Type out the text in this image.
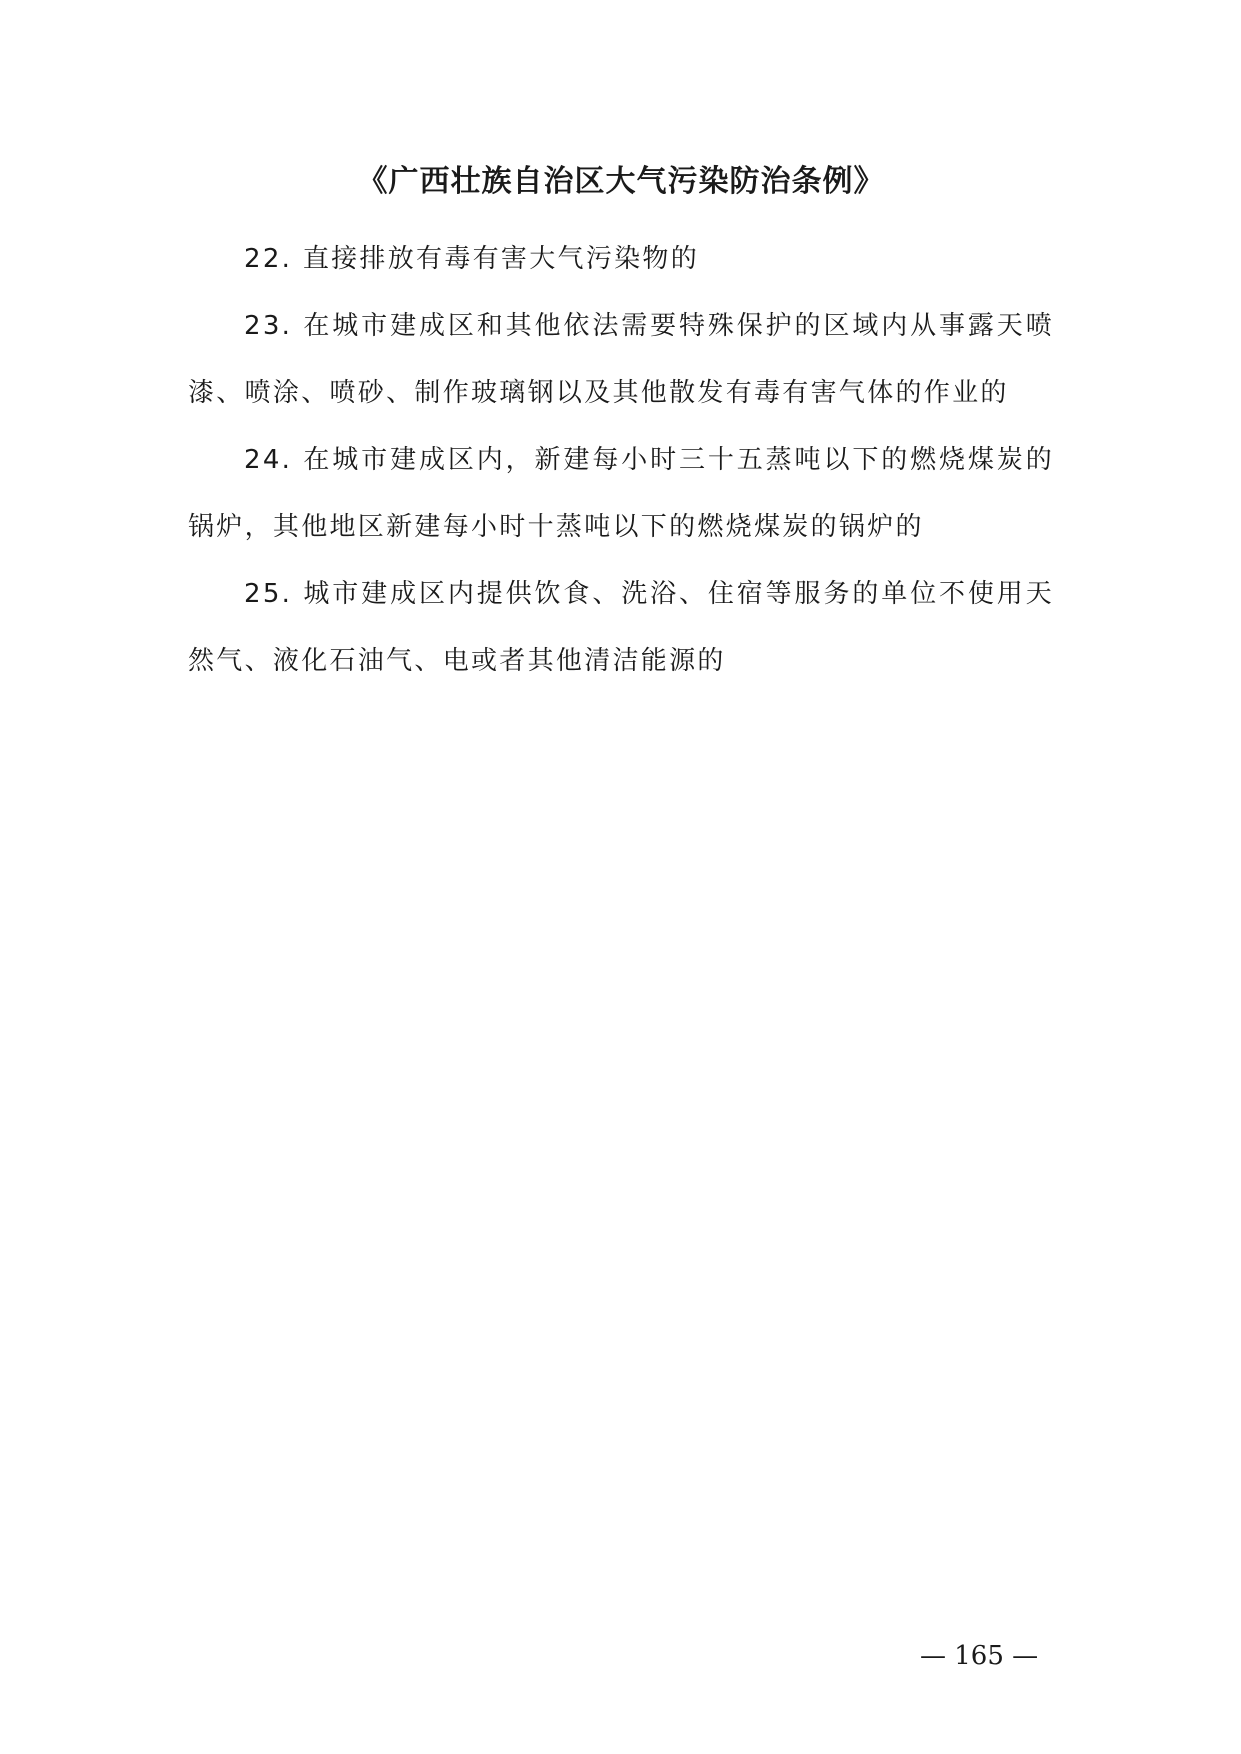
《广西壮族自治区大气污染防治条例》

22. 直接排放有毒有害大气污染物的

23. 在城市建成区和其他依法需要特殊保护的区域内从事露天喷漆、喷涂、喷砂、制作玻璃钢以及其他散发有毒有害气体的作业的

24. 在城市建成区内，新建每小时三十五蒸吨以下的燃烧煤炭的锅炉，其他地区新建每小时十蒸吨以下的燃烧煤炭的锅炉的

25. 城市建成区内提供饮食、洗浴、住宿等服务的单位不使用天然气、液化石油气、电或者其他清洁能源的

— 165 —
